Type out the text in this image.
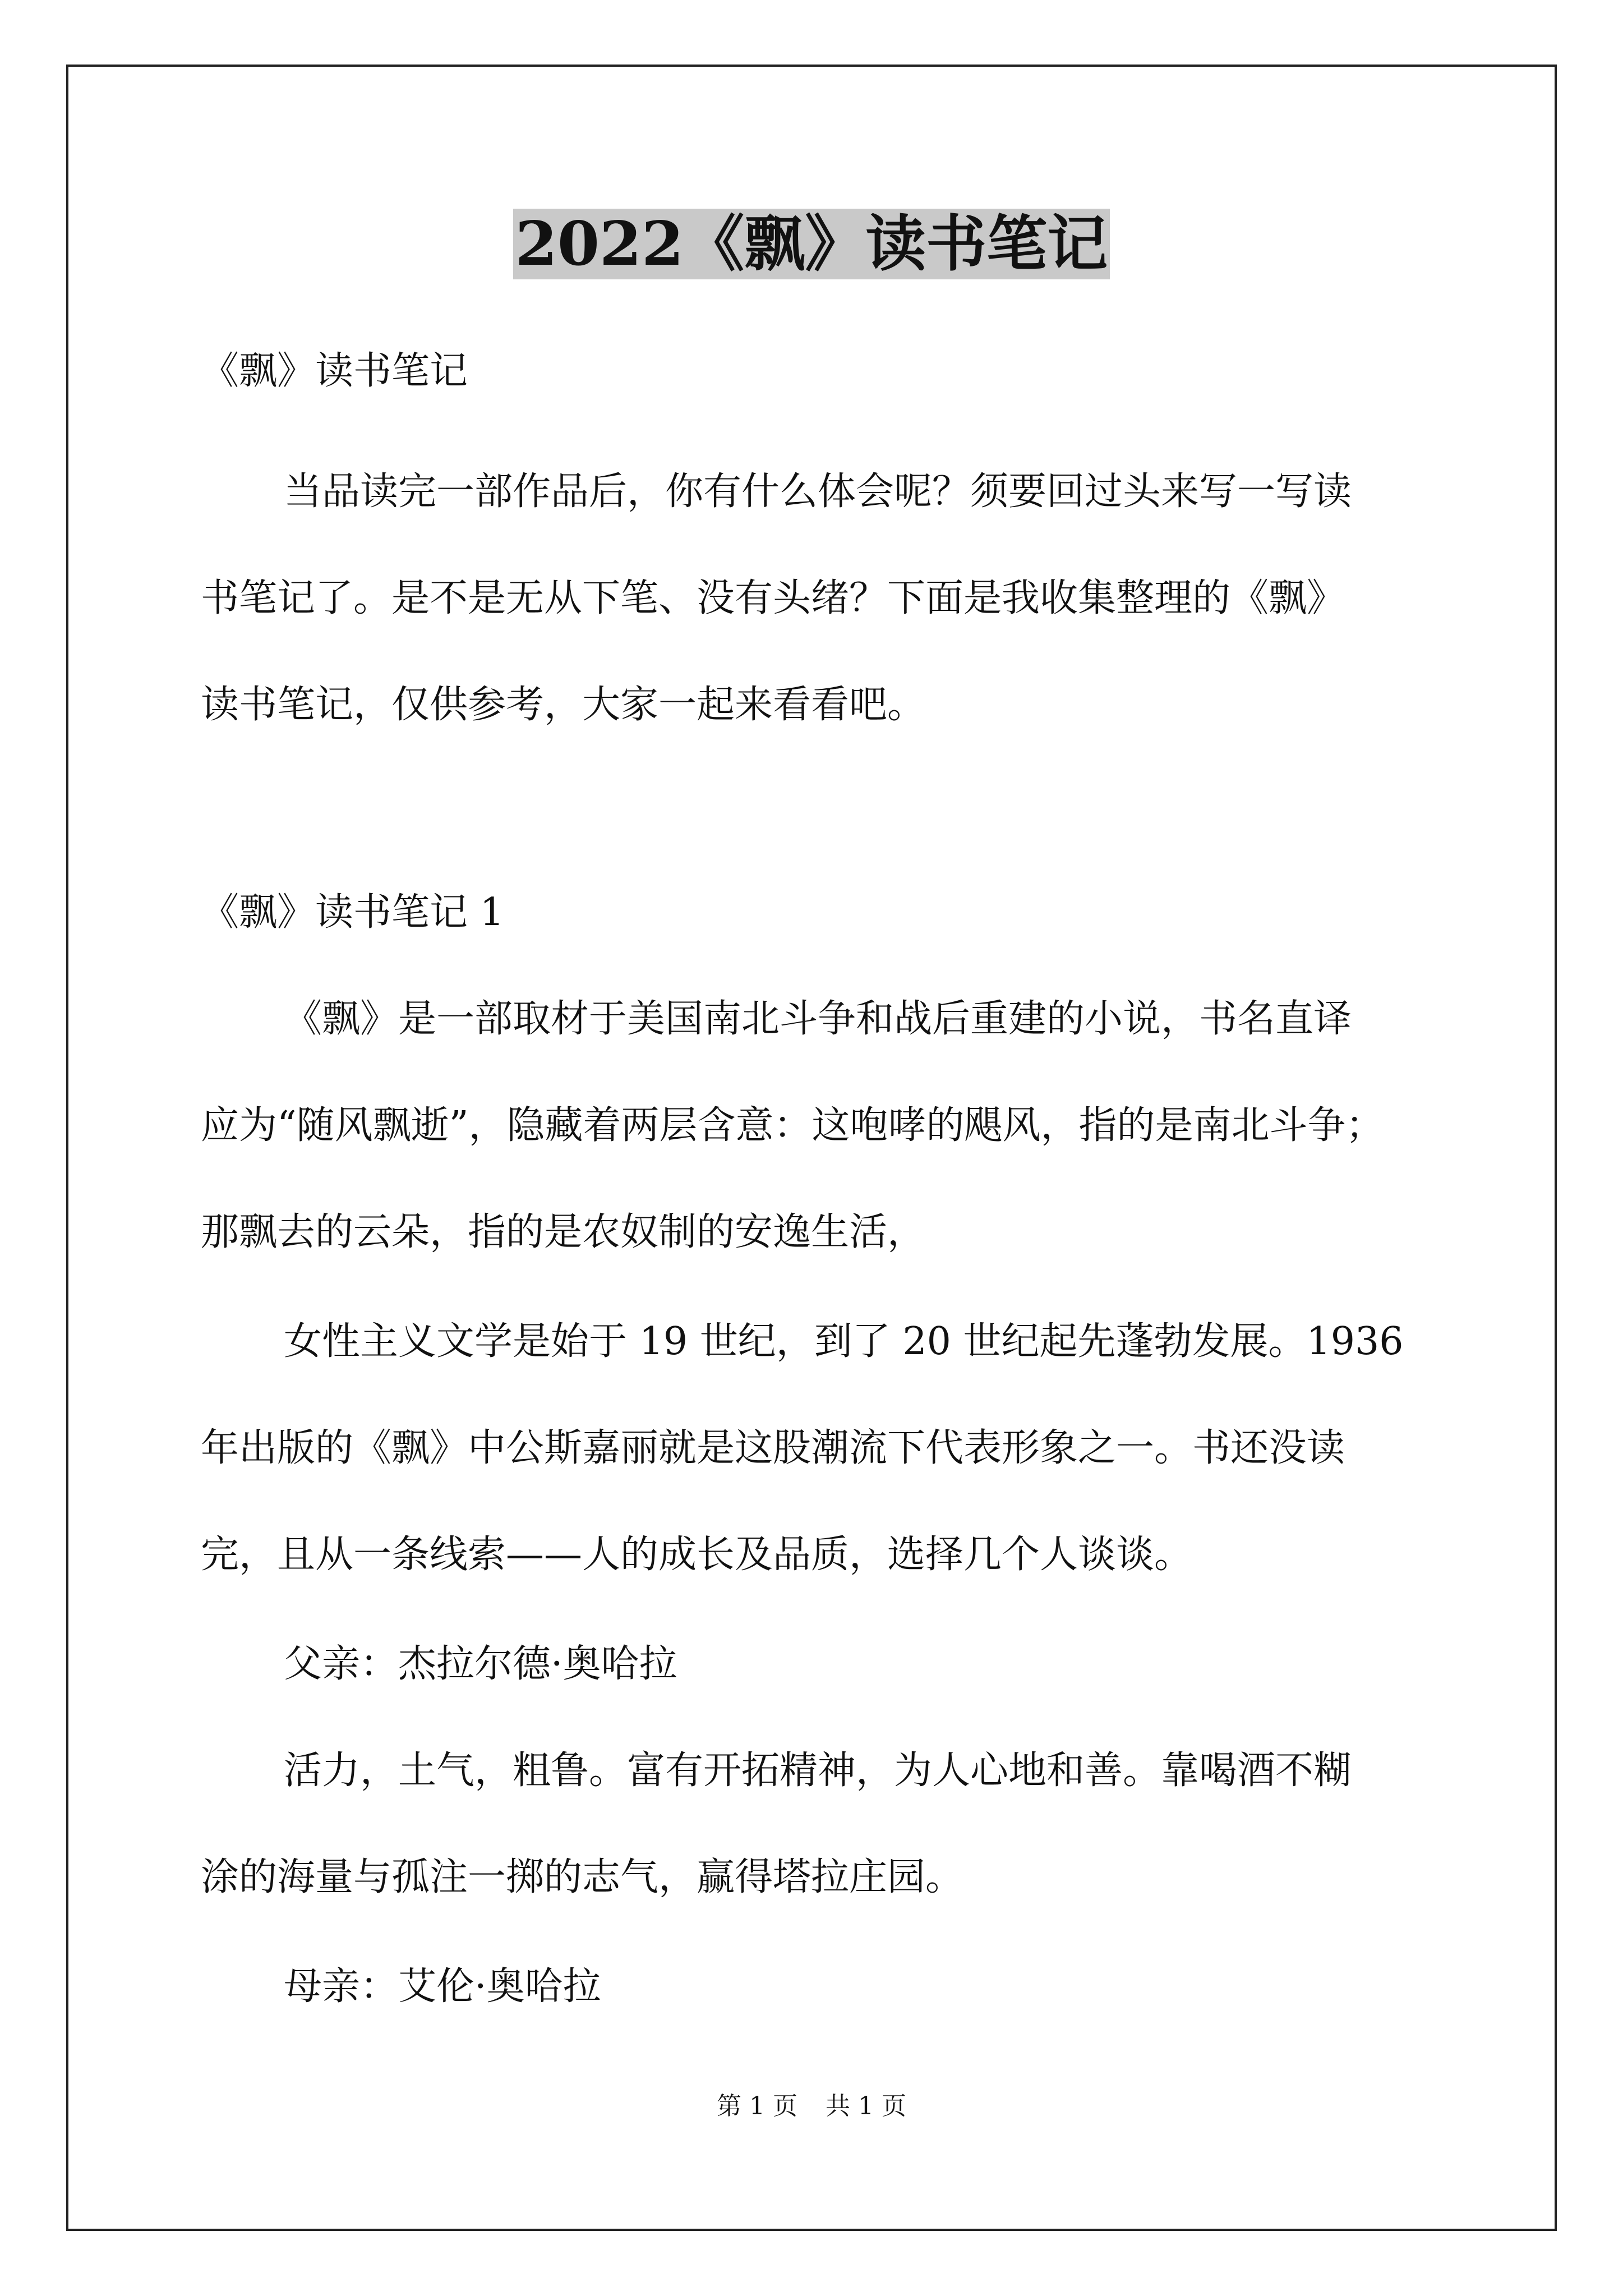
2022《飘》读书笔记
《飘》读书笔记
当品读完一部作品后，你有什么体会呢？须要回过头来写一写读
书笔记了。是不是无从下笔、没有头绪？下面是我收集整理的《飘》
读书笔记，仅供参考，大家一起来看看吧。
《飘》读书笔记 1
《飘》是一部取材于美国南北斗争和战后重建的小说，书名直译
应为“随风飘逝”，隐藏着两层含意：这咆哮的飓风，指的是南北斗争；
那飘去的云朵，指的是农奴制的安逸生活，
女性主义文学是始于 19 世纪，到了 20 世纪起先蓬勃发展。1936
年出版的《飘》中公斯嘉丽就是这股潮流下代表形象之一。书还没读
完，且从一条线索——人的成长及品质，选择几个人谈谈。
父亲：杰拉尔德·奥哈拉
活力，土气，粗鲁。富有开拓精神，为人心地和善。靠喝酒不糊
涂的海量与孤注一掷的志气，赢得塔拉庄园。
母亲：艾伦·奥哈拉
第 1 页 共 1 页
